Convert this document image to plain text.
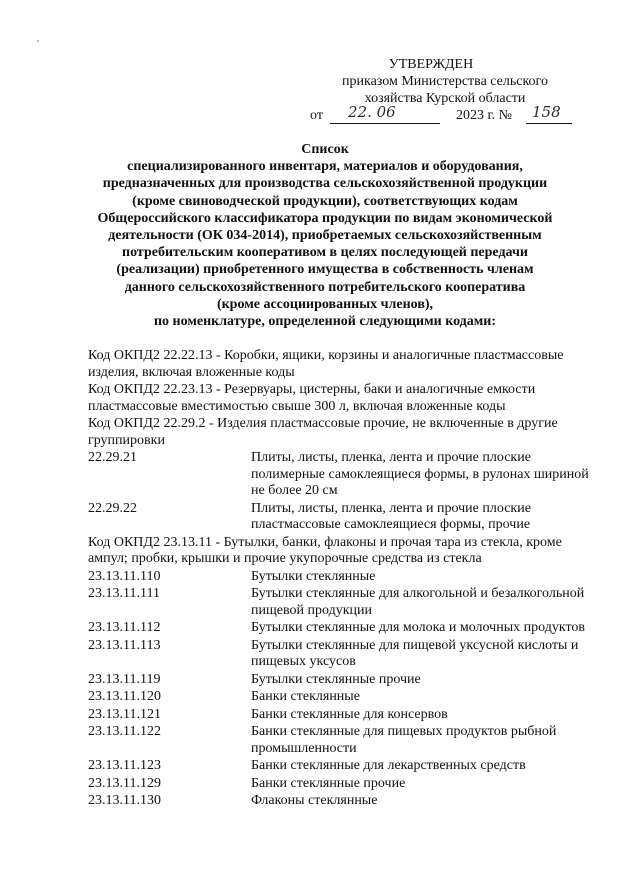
УТВЕРЖДЕН
приказом Министерства сельского
хозяйства Курской области
от 22. 06	2023 г. № 158
Список
специализированного инвентаря, материалов и оборудования,
предназначенных для производства сельскохозяйственной продукции
(кроме свиноводческой продукции), соответствующих кодам
Общероссийского классификатора продукции по видам экономической
деятельности (ОК 034-2014), приобретаемых сельскохозяйственным
потребительским кооперативом в целях последующей передачи
(реализации) приобретенного имущества в собственность членам
данного сельскохозяйственного потребительского кооператива
(кроме ассоциированных членов),
по номенклатуре, определенной следующими кодами:
Код ОКПД2 22.22.13 - Коробки, ящики, корзины и аналогичные пластмассовые изделия, включая вложенные коды
Код ОКПД2 22.23.13 - Резервуары, цистерны, баки и аналогичные емкости пластмассовые вместимостью свыше 300 л, включая вложенные коды
Код ОКПД2 22.29.2 - Изделия пластмассовые прочие, не включенные в другие группировки
22.29.21	Плиты, листы, пленка, лента и прочие плоские полимерные самоклеящиеся формы, в рулонах шириной не более 20 см
22.29.22	Плиты, листы, пленка, лента и прочие плоские пластмассовые самоклеящиеся формы, прочие
Код ОКПД2 23.13.11 - Бутылки, банки, флаконы и прочая тара из стекла, кроме ампул; пробки, крышки и прочие укупорочные средства из стекла
23.13.11.110	Бутылки стеклянные
23.13.11.111	Бутылки стеклянные для алкогольной и безалкогольной пищевой продукции
23.13.11.112	Бутылки стеклянные для молока и молочных продуктов
23.13.11.113	Бутылки стеклянные для пищевой уксусной кислоты и пищевых уксусов
23.13.11.119	Бутылки стеклянные прочие
23.13.11.120	Банки стеклянные
23.13.11.121	Банки стеклянные для консервов
23.13.11.122	Банки стеклянные для пищевых продуктов рыбной промышленности
23.13.11.123	Банки стеклянные для лекарственных средств
23.13.11.129	Банки стеклянные прочие
23.13.11.130	Флаконы стеклянные
